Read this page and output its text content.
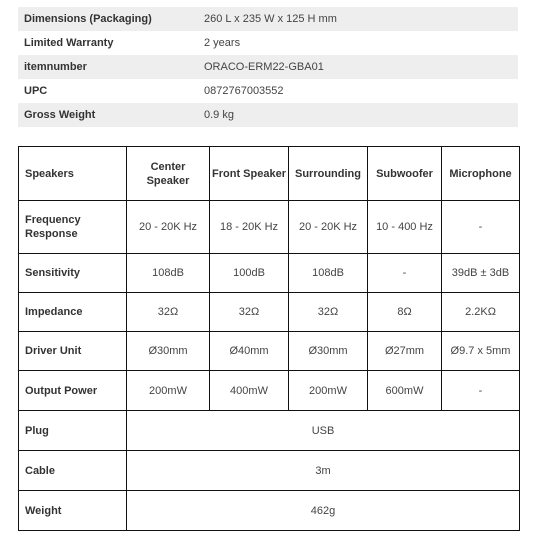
Dimensions (Packaging)	260 L x 235 W x 125 H mm
Limited Warranty	2 years
itemnumber	ORACO-ERM22-GBA01
UPC	0872767003552
Gross Weight	0.9 kg
Speakers	Center Speaker	Front Speaker	Surrounding	Subwoofer	Microphone
Frequency Response	20 - 20K Hz	18 - 20K Hz	20 - 20K Hz	10 - 400 Hz	-
Sensitivity	108dB	100dB	108dB	-	39dB ± 3dB
Impedance	32Ω	32Ω	32Ω	8Ω	2.2KΩ
Driver Unit	Ø30mm	Ø40mm	Ø30mm	Ø27mm	Ø9.7 x 5mm
Output Power	200mW	400mW	200mW	600mW	-
Plug	USB				
Cable	3m				
Weight	462g				
